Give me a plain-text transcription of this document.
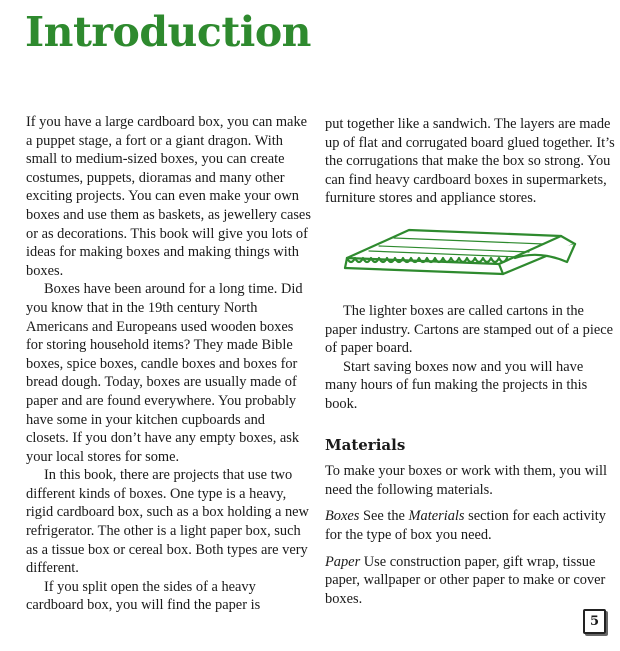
Introduction

If you have a large cardboard box, you can make a puppet stage, a fort or a giant dragon. With small to medium-sized boxes, you can create costumes, puppets, dioramas and many other exciting projects. You can even make your own boxes and use them as baskets, as jewellery cases or as decorations. This book will give you lots of ideas for making boxes and making things with boxes.

Boxes have been around for a long time. Did you know that in the 19th century North Americans and Europeans used wooden boxes for storing household items? They made Bible boxes, spice boxes, candle boxes and boxes for bread dough. Today, boxes are usually made of paper and are found everywhere. You probably have some in your kitchen cupboards and closets. If you don’t have any empty boxes, ask your local stores for some.

In this book, there are projects that use two different kinds of boxes. One type is a heavy, rigid cardboard box, such as a box holding a new refrigerator. The other is a light paper box, such as a tissue box or cereal box. Both types are very different.

If you split open the sides of a heavy cardboard box, you will find the paper is

put together like a sandwich. The layers are made up of flat and corrugated board glued together. It’s the corrugations that make the box so strong. You can find heavy cardboard boxes in supermarkets, furniture stores and appliance stores.

The lighter boxes are called cartons in the paper industry. Cartons are stamped out of a piece of paper board.

Start saving boxes now and you will have many hours of fun making the projects in this book.

Materials

To make your boxes or work with them, you will need the following materials.

Boxes See the Materials section for each activity for the type of box you need.

Paper Use construction paper, gift wrap, tissue paper, wallpaper or other paper to make or cover boxes.

5
